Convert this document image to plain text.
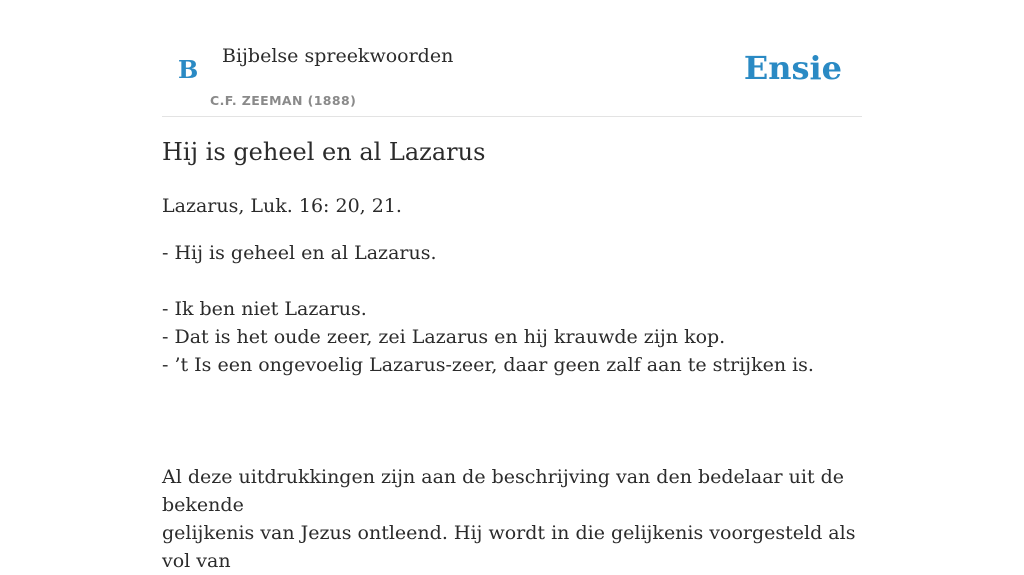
B Bijbelse spreekwoorden
C.F. ZEEMAN (1888)
Ensie
Hij is geheel en al Lazarus

Lazarus, Luk. 16: 20, 21.

- Hij is geheel en al Lazarus.

- Ik ben niet Lazarus.

- Dat is het oude zeer, zei Lazarus en hij krauwde zijn kop.

- ’t Is een ongevoelig Lazarus-zeer, daar geen zalf aan te strijken is.

Al deze uitdrukkingen zijn aan de beschrijving van den bedelaar uit de bekende
gelijkenis van Jezus ontleend. Hij wordt in die gelijkenis voorgesteld als vol van
